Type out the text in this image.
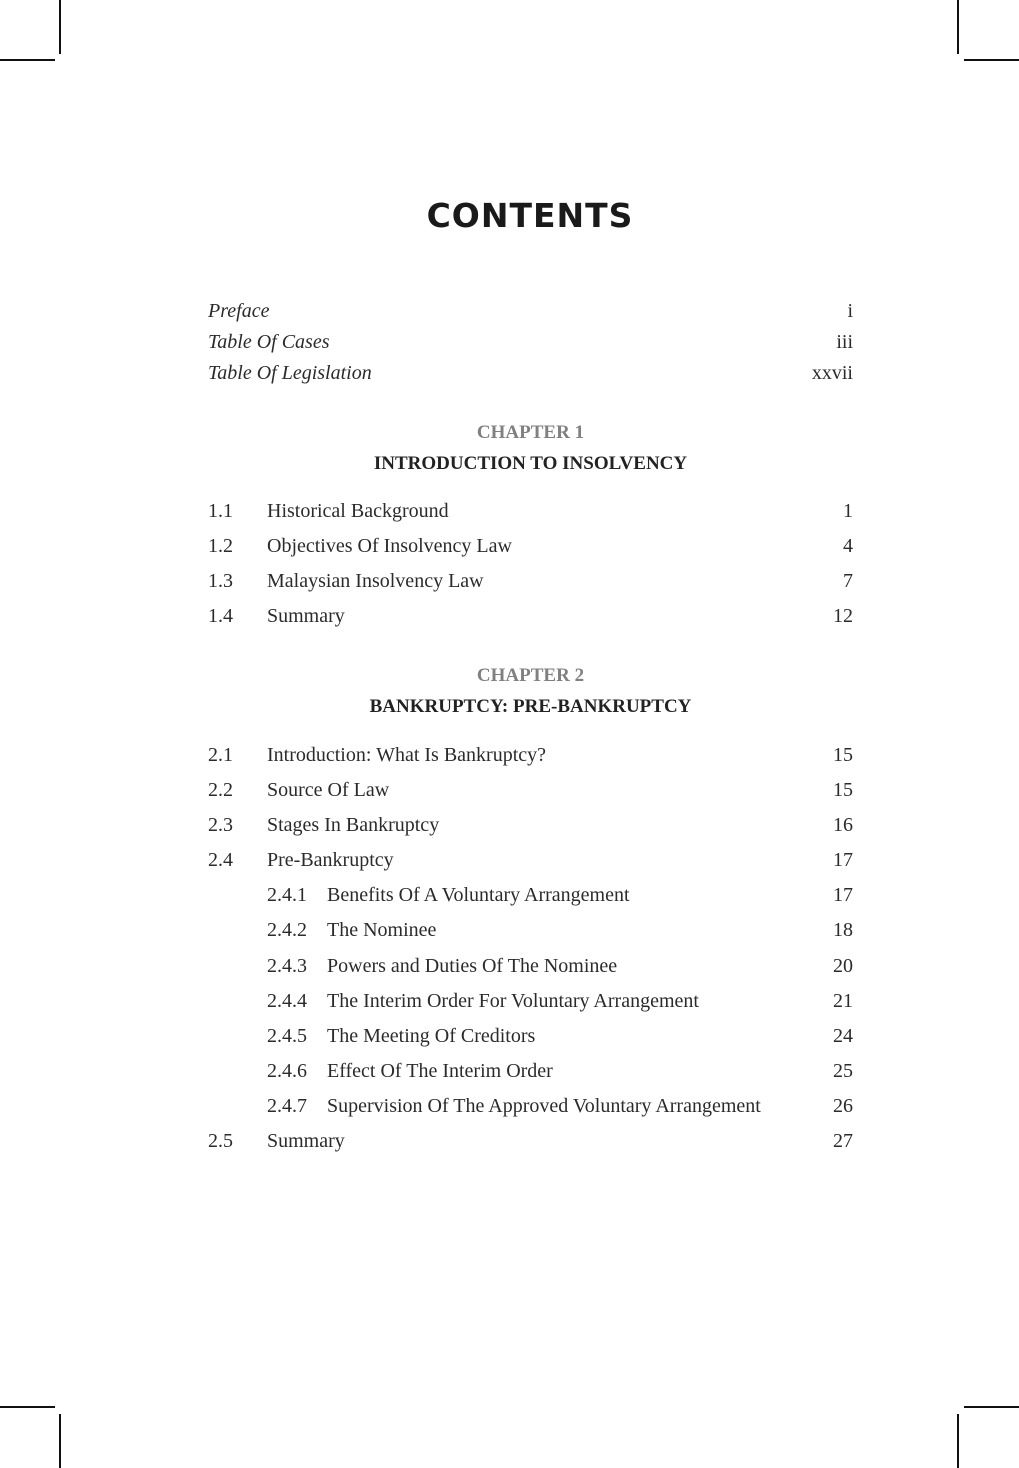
CONTENTS
Preface	i
Table Of Cases	iii
Table Of Legislation	xxvii
CHAPTER 1
INTRODUCTION TO INSOLVENCY
1.1 Historical Background	1
1.2 Objectives Of Insolvency Law	4
1.3 Malaysian Insolvency Law	7
1.4 Summary	12
CHAPTER 2
BANKRUPTCY: PRE-BANKRUPTCY
2.1 Introduction: What Is Bankruptcy?	15
2.2 Source Of Law	15
2.3 Stages In Bankruptcy	16
2.4 Pre-Bankruptcy	17
2.4.1 Benefits Of A Voluntary Arrangement	17
2.4.2 The Nominee	18
2.4.3 Powers and Duties Of The Nominee	20
2.4.4 The Interim Order For Voluntary Arrangement	21
2.4.5 The Meeting Of Creditors	24
2.4.6 Effect Of The Interim Order	25
2.4.7 Supervision Of The Approved Voluntary Arrangement	26
2.5 Summary	27
